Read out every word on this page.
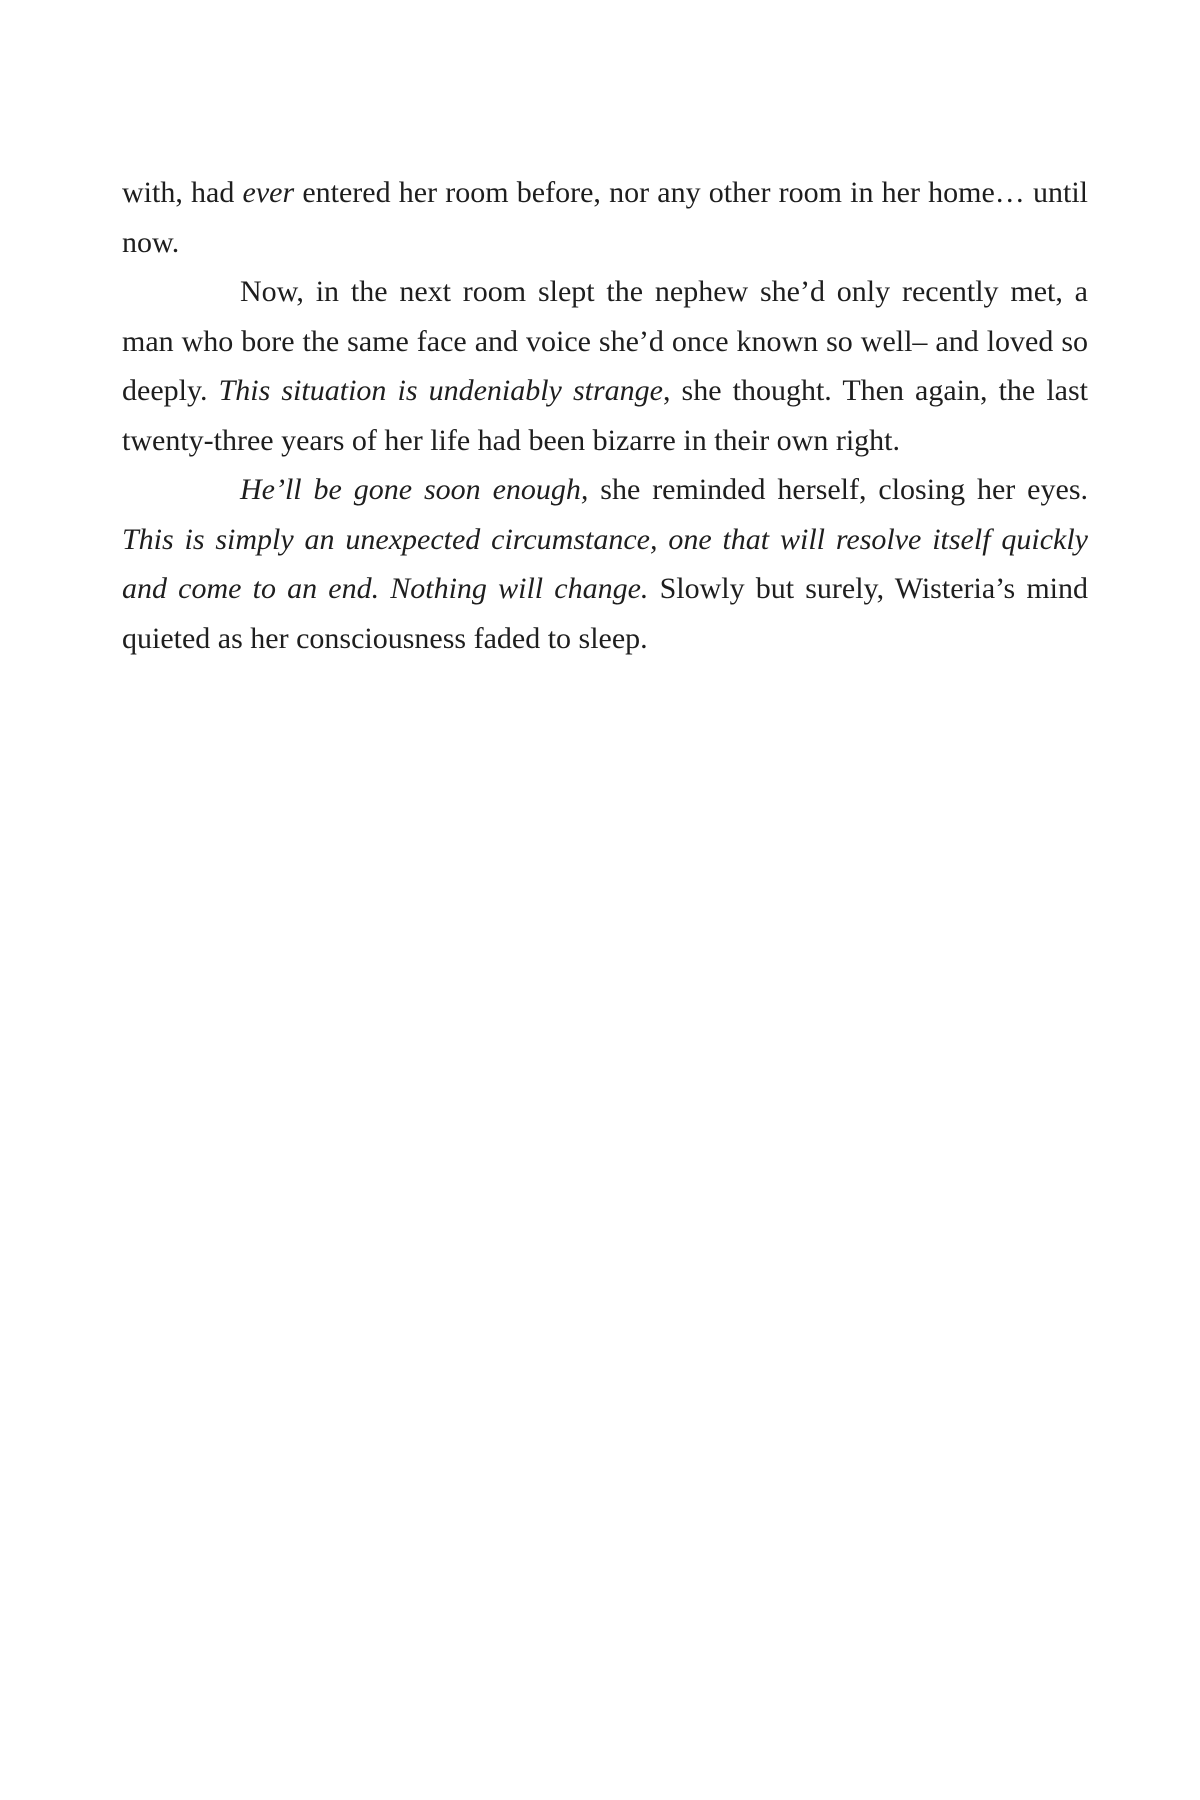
with, had ever entered her room before, nor any other room in her home… until now.

Now, in the next room slept the nephew she’d only recently met, a man who bore the same face and voice she’d once known so well– and loved so deeply. This situation is undeniably strange, she thought. Then again, the last twenty-three years of her life had been bizarre in their own right.

He’ll be gone soon enough, she reminded herself, closing her eyes. This is simply an unexpected circumstance, one that will resolve itself quickly and come to an end. Nothing will change. Slowly but surely, Wisteria’s mind quieted as her consciousness faded to sleep.
